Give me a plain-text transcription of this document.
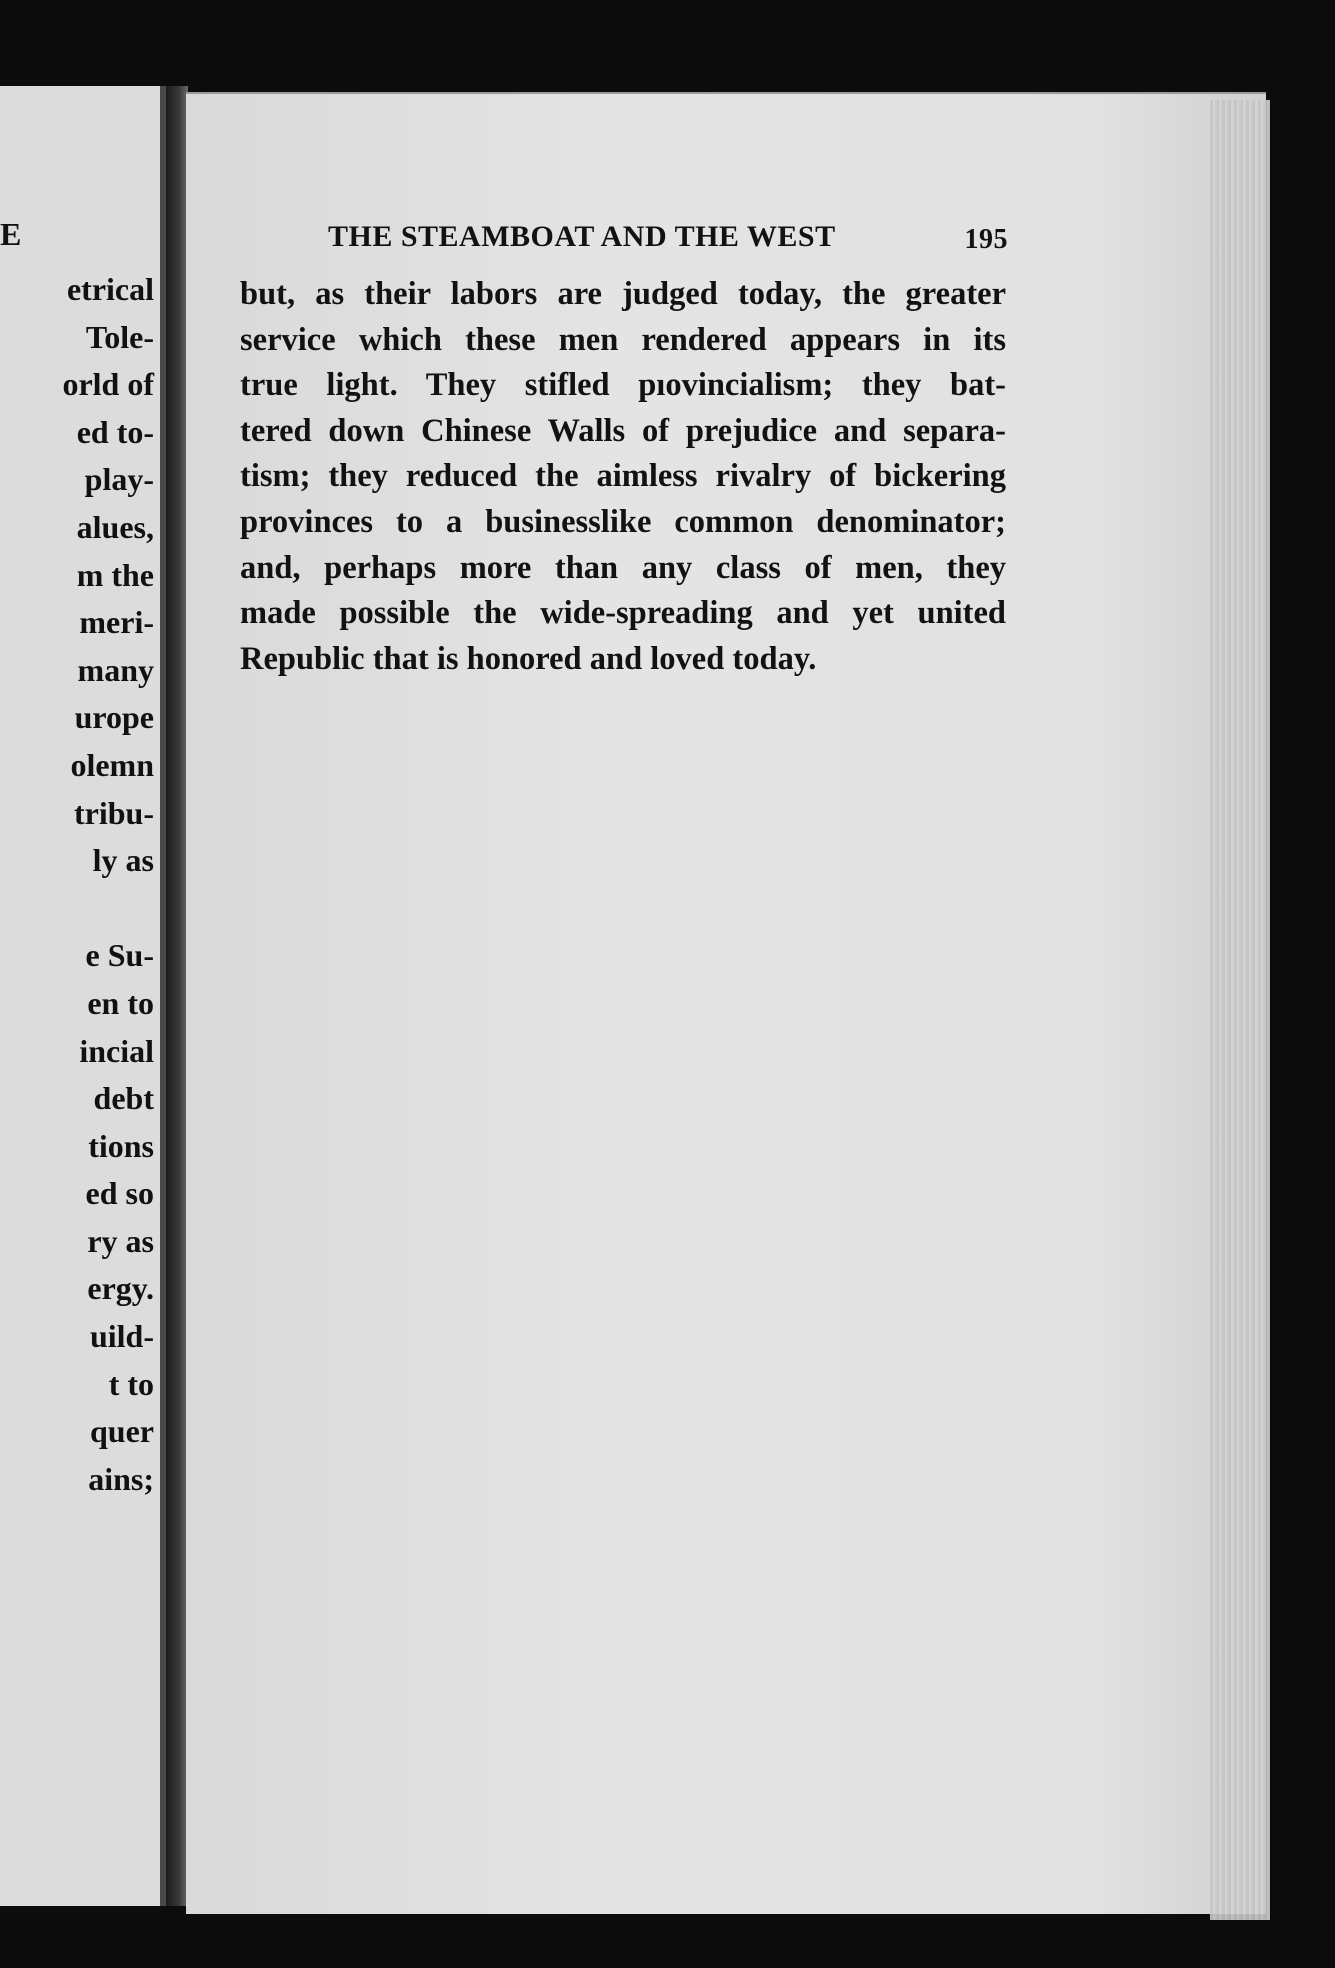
E
etrical
Tole-
orld of
ed to-
play-
alues,
m the
meri-
many
urope
olemn
tribu-
ly as
e Su-
en to
incial
debt
tions
ed so
ry as
ergy.
uild-
t to
quer
ains;
THE STEAMBOAT AND THE WEST	195
but, as their labors are judged today, the greater
service which these men rendered appears in its
true light. They stifled pıovincialism; they bat-
tered down Chinese Walls of prejudice and separa-
tism; they reduced the aimless rivalry of bickering
provinces to a businesslike common denominator;
and, perhaps more than any class of men, they
made possible the wide-spreading and yet united
Republic that is honored and loved today.
